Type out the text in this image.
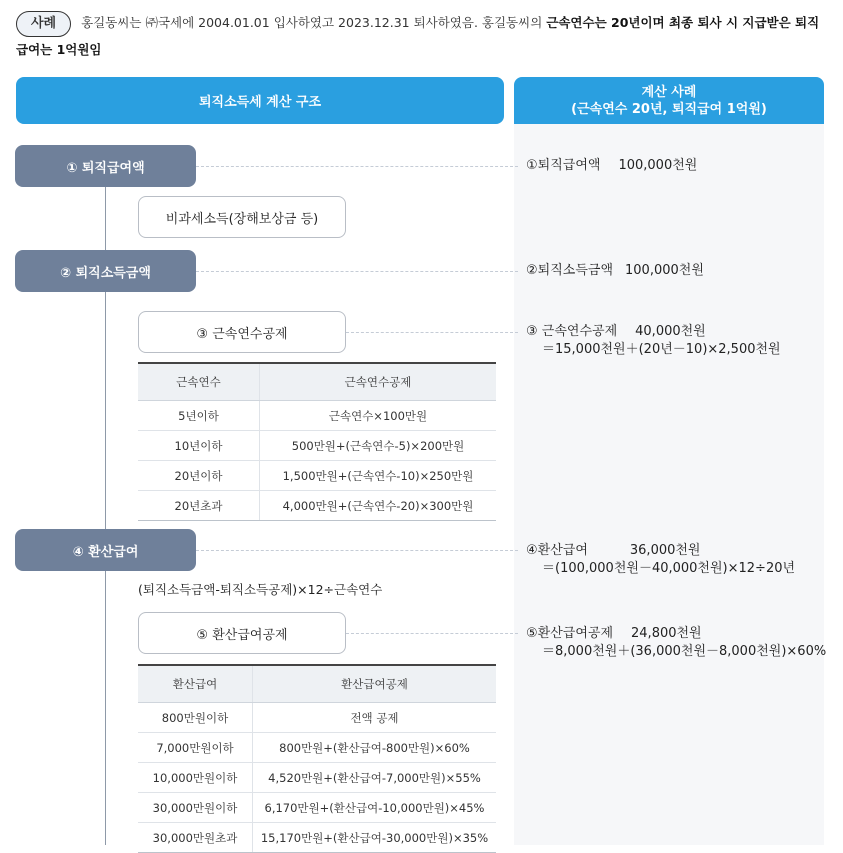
사례 홍길동씨는 ㈜국세에 2004.01.01 입사하였고 2023.12.31 퇴사하였음. 홍길동씨의 근속연수는 20년이며 최종 퇴사 시 지급받은 퇴직급여는 1억원임
퇴직소득세 계산 구조
계산 사례
(근속연수 20년, 퇴직급여 1억원)
① 퇴직급여액
비과세소득(장해보상금 등)
② 퇴직소득금액
③ 근속연수공제
근속연수	근속연수공제
5년이하	근속연수×100만원
10년이하	500만원+(근속연수-5)×200만원
20년이하	1,500만원+(근속연수-10)×250만원
20년초과	4,000만원+(근속연수-20)×300만원
④ 환산급여
(퇴직소득금액-퇴직소득공제)×12÷근속연수
⑤ 환산급여공제
환산급여	환산급여공제
800만원이하	전액 공제
7,000만원이하	800만원+(환산급여-800만원)×60%
10,000만원이하	4,520만원+(환산급여-7,000만원)×55%
30,000만원이하	6,170만원+(환산급여-10,000만원)×45%
30,000만원초과	15,170만원+(환산급여-30,000만원)×35%
①퇴직급여액 100,000천원
②퇴직소득금액 100,000천원
③ 근속연수공제 40,000천원
＝15,000천원＋(20년－10)×2,500천원
④환산급여	36,000천원
＝(100,000천원－40,000천원)×12÷20년
⑤환산급여공제 24,800천원
＝8,000천원＋(36,000천원－8,000천원)×60%
